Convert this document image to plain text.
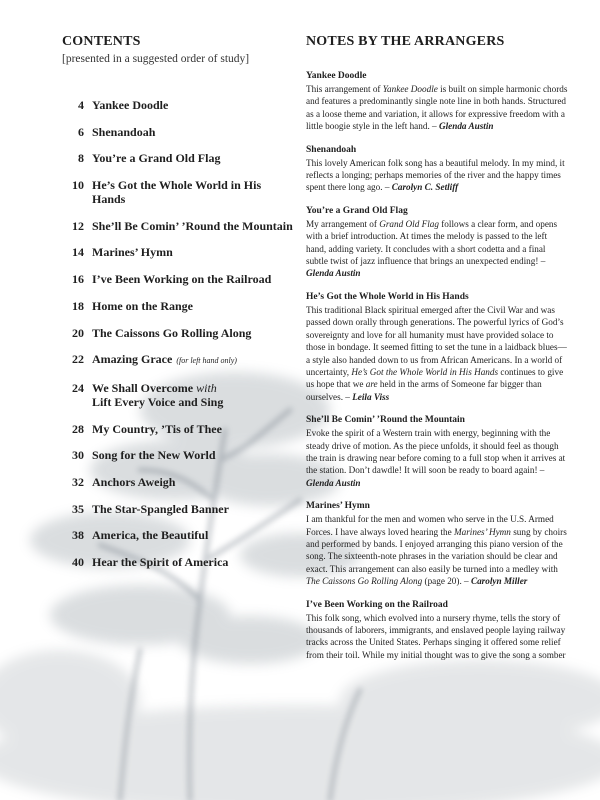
CONTENTS
[presented in a suggested order of study]
4 Yankee Doodle
6 Shenandoah
8 You’re a Grand Old Flag
10 He’s Got the Whole World in His Hands
12 She’ll Be Comin’ ’Round the Mountain
14 Marines’ Hymn
16 I’ve Been Working on the Railroad
18 Home on the Range
20 The Caissons Go Rolling Along
22 Amazing Grace (for left hand only)
24 We Shall Overcome with
Lift Every Voice and Sing
28 My Country, ’Tis of Thee
30 Song for the New World
32 Anchors Aweigh
35 The Star-Spangled Banner
38 America, the Beautiful
40 Hear the Spirit of America
NOTES BY THE ARRANGERS
Yankee Doodle
This arrangement of Yankee Doodle is built on simple harmonic chords and features a predominantly single note line in both hands. Structured as a loose theme and variation, it allows for expressive freedom with a little boogie style in the left hand. – Glenda Austin
Shenandoah
This lovely American folk song has a beautiful melody. In my mind, it reflects a longing; perhaps memories of the river and the happy times spent there long ago. – Carolyn C. Setliff
You’re a Grand Old Flag
My arrangement of Grand Old Flag follows a clear form, and opens with a brief introduction. At times the melody is passed to the left hand, adding variety. It concludes with a short codetta and a final subtle twist of jazz influence that brings an unexpected ending! – Glenda Austin
He’s Got the Whole World in His Hands
This traditional Black spiritual emerged after the Civil War and was passed down orally through generations. The powerful lyrics of God’s sovereignty and love for all humanity must have provided solace to those in bondage. It seemed fitting to set the tune in a laidback blues—a style also handed down to us from African Americans. In a world of uncertainty, He’s Got the Whole World in His Hands continues to give us hope that we are held in the arms of Someone far bigger than ourselves. – Leila Viss
She’ll Be Comin’ ’Round the Mountain
Evoke the spirit of a Western train with energy, beginning with the steady drive of motion. As the piece unfolds, it should feel as though the train is drawing near before coming to a full stop when it arrives at the station. Don’t dawdle! It will soon be ready to board again! – Glenda Austin
Marines’ Hymn
I am thankful for the men and women who serve in the U.S. Armed Forces. I have always loved hearing the Marines’ Hymn sung by choirs and performed by bands. I enjoyed arranging this piano version of the song. The sixteenth-note phrases in the variation should be clear and exact. This arrangement can also easily be turned into a medley with The Caissons Go Rolling Along (page 20). – Carolyn Miller
I’ve Been Working on the Railroad
This folk song, which evolved into a nursery rhyme, tells the story of thousands of laborers, immigrants, and enslaved people laying railway tracks across the United States. Perhaps singing it offered some relief from their toil. While my initial thought was to give the song a somber
